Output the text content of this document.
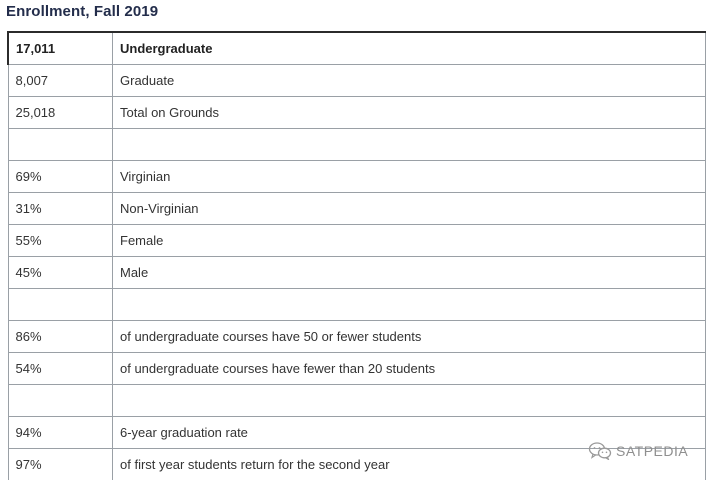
Enrollment, Fall 2019
17,011	Undergraduate
8,007	Graduate
25,018	Total on Grounds

69%	Virginian
31%	Non-Virginian
55%	Female
45%	Male

86%	of undergraduate courses have 50 or fewer students
54%	of undergraduate courses have fewer than 20 students

94%	6-year graduation rate
97%	of first year students return for the second year
SATPEDIA
